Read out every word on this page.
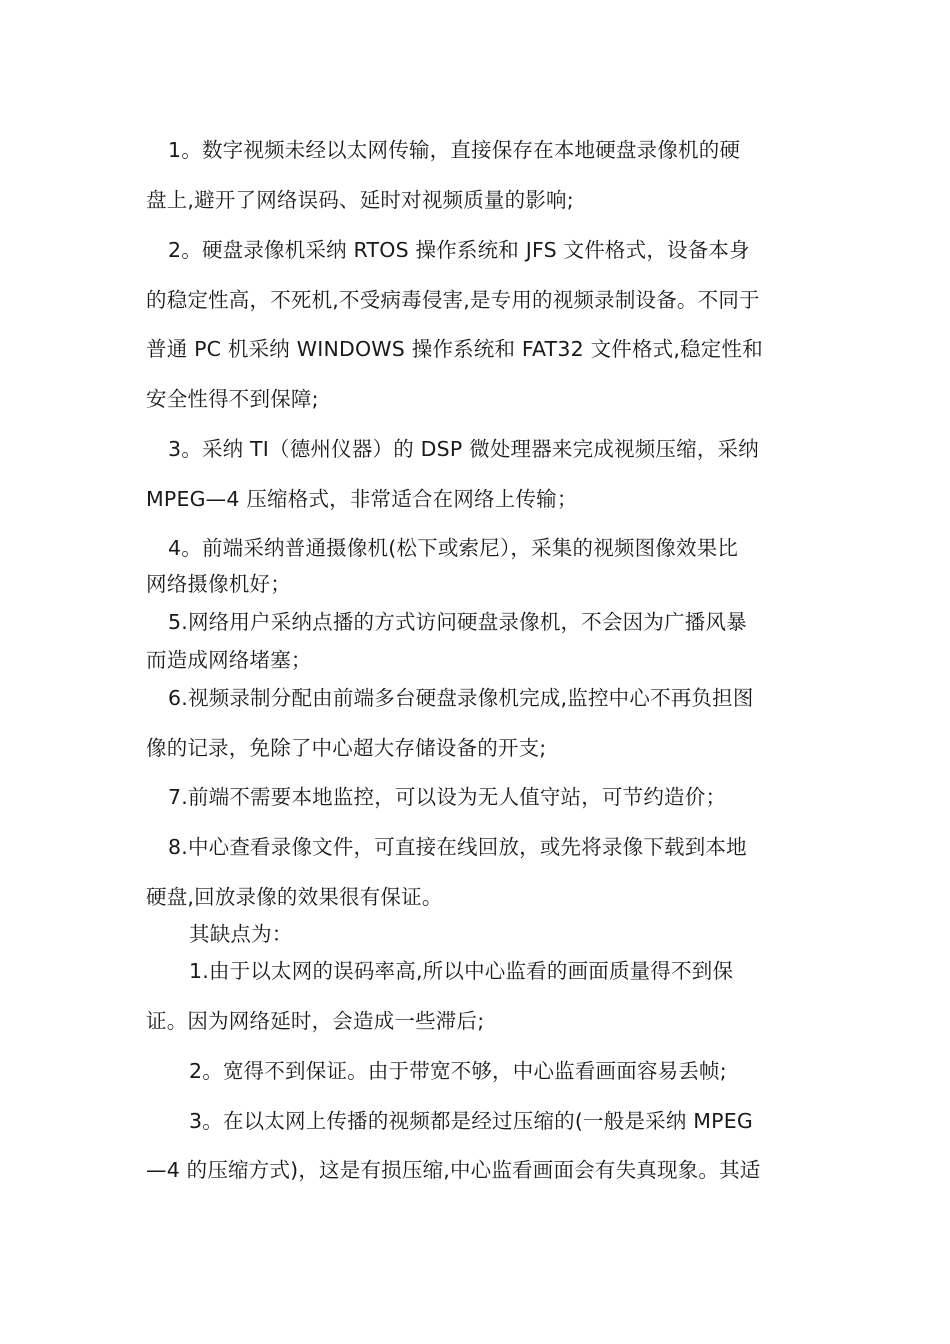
1。数字视频未经以太网传输，直接保存在本地硬盘录像机的硬
盘上,避开了网络误码、延时对视频质量的影响;
2。硬盘录像机采纳 RTOS 操作系统和 JFS 文件格式，设备本身
的稳定性高，不死机,不受病毒侵害,是专用的视频录制设备。不同于
普通 PC 机采纳 WINDOWS 操作系统和 FAT32 文件格式,稳定性和
安全性得不到保障;
3。采纳 TI（德州仪器）的 DSP 微处理器来完成视频压缩，采纳
MPEG—4 压缩格式，非常适合在网络上传输；
4。前端采纳普通摄像机(松下或索尼），采集的视频图像效果比
网络摄像机好；
5.网络用户采纳点播的方式访问硬盘录像机，不会因为广播风暴
而造成网络堵塞；
6.视频录制分配由前端多台硬盘录像机完成,监控中心不再负担图
像的记录，免除了中心超大存储设备的开支;
7.前端不需要本地监控，可以设为无人值守站，可节约造价；
8.中心查看录像文件，可直接在线回放，或先将录像下载到本地
硬盘,回放录像的效果很有保证。
其缺点为：
1.由于以太网的误码率高,所以中心监看的画面质量得不到保
证。因为网络延时，会造成一些滞后;
2。宽得不到保证。由于带宽不够，中心监看画面容易丢帧;
3。在以太网上传播的视频都是经过压缩的(一般是采纳 MPEG
—4 的压缩方式)，这是有损压缩,中心监看画面会有失真现象。其适
